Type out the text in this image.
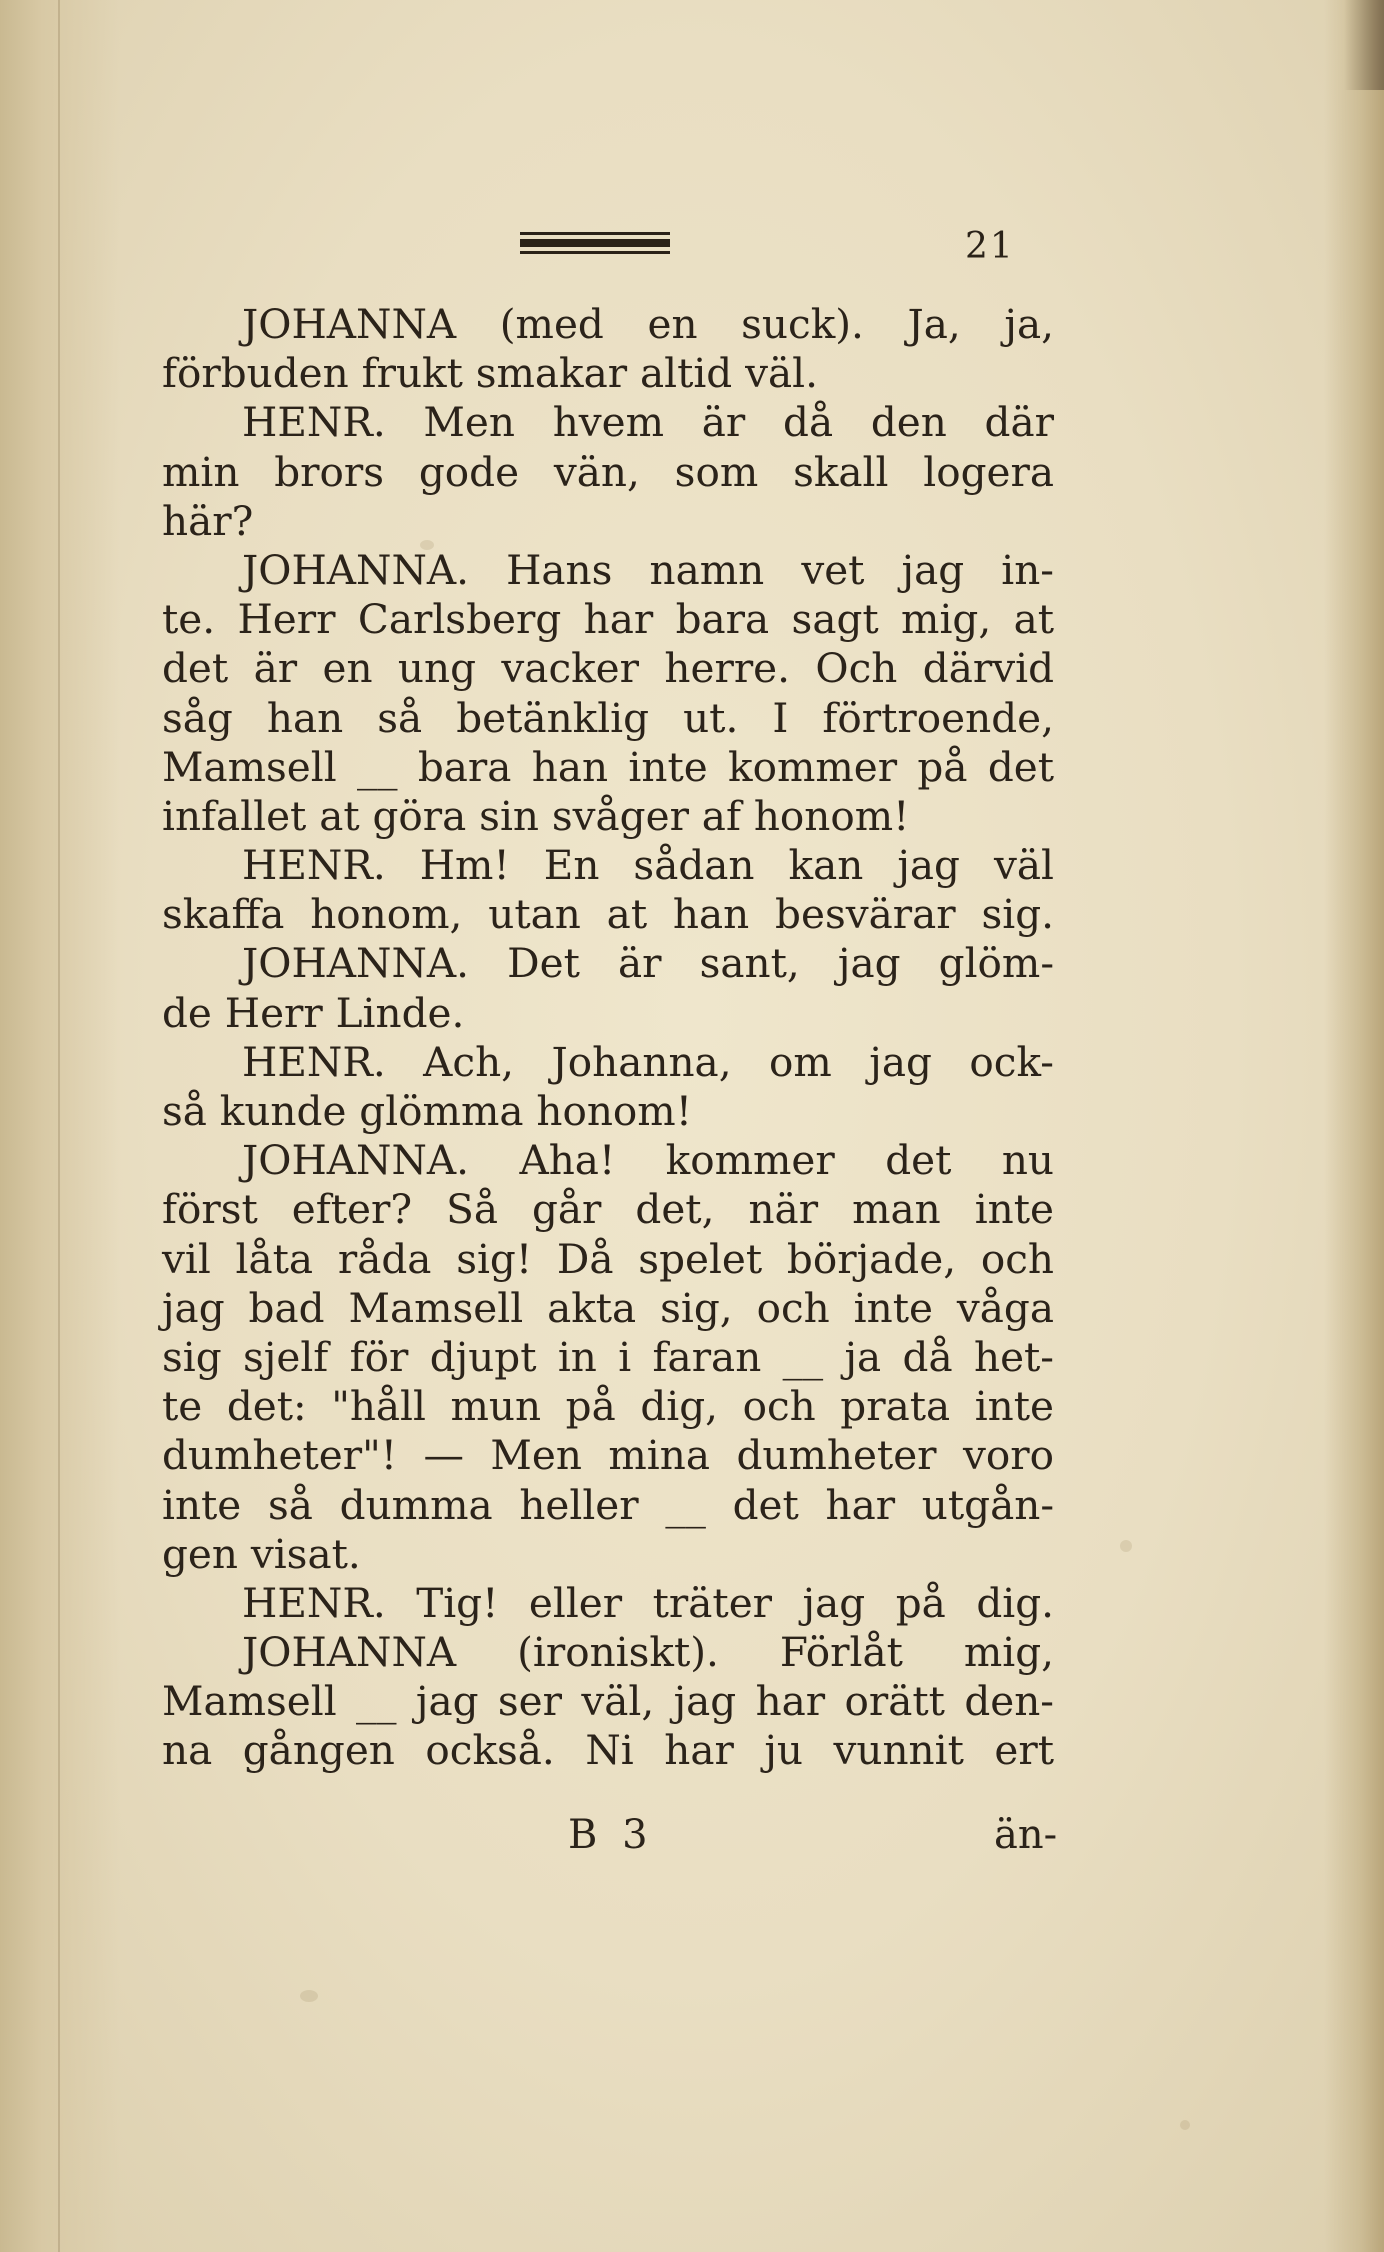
21
JOHANNA (med en suck). Ja, ja,
förbuden frukt smakar altid väl.
HENR. Men hvem är då den där
min brors gode vän, som skall logera
här?
JOHANNA. Hans namn vet jag in-
te. Herr Carlsberg har bara sagt mig, at
det är en ung vacker herre. Och därvid
såg han så betänklig ut. I förtroende,
Mamsell __ bara han inte kommer på det
infallet at göra sin svåger af honom!
HENR. Hm! En sådan kan jag väl
skaffa honom, utan at han besvärar sig.
JOHANNA. Det är sant, jag glöm-
de Herr Linde.
HENR. Ach, Johanna, om jag ock-
så kunde glömma honom!
JOHANNA. Aha! kommer det nu
först efter? Så går det, när man inte
vil låta råda sig! Då spelet började, och
jag bad Mamsell akta sig, och inte våga
sig sjelf för djupt in i faran __ ja då het-
te det: "håll mun på dig, och prata inte
dumheter"! — Men mina dumheter voro
inte så dumma heller __ det har utgån-
gen visat.
HENR. Tig! eller träter jag på dig.
JOHANNA (ironiskt). Förlåt mig,
Mamsell __ jag ser väl, jag har orätt den-
na gången också. Ni har ju vunnit ert
B 3	än-
